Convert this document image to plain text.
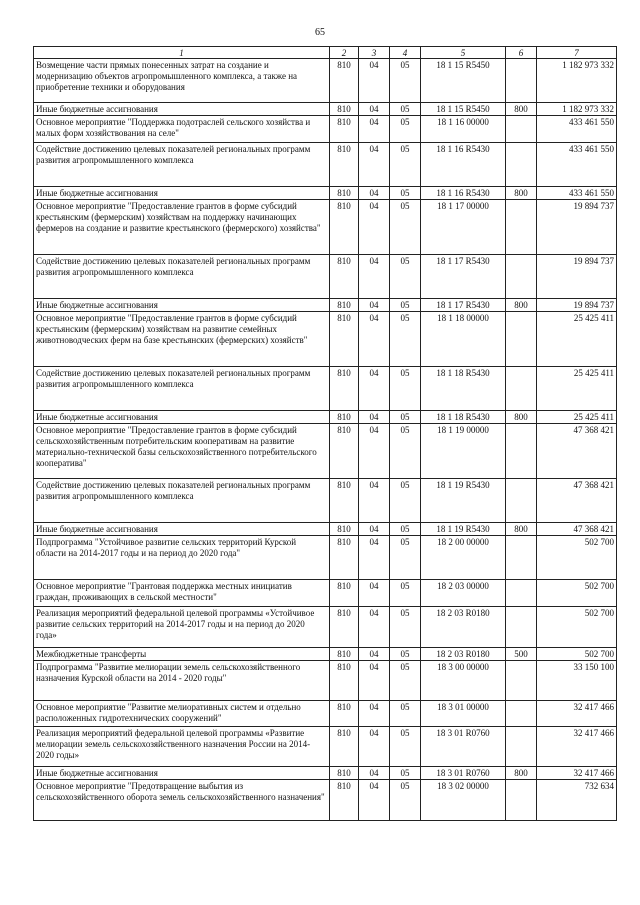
65
1	2	3	4	5	6	7
Возмещение части прямых понесенных затрат на создание и модернизацию объектов агропромышленного комплекса, а также на приобретение техники и оборудования	810	04	05	18 1 15 R5450		1 182 973 332
Иные бюджетные ассигнования	810	04	05	18 1 15 R5450	800	1 182 973 332
Основное мероприятие "Поддержка подотраслей сельского хозяйства и малых форм хозяйствования на селе"	810	04	05	18 1 16 00000		433 461 550
Содействие достижению целевых показателей региональных программ развития агропромышленного комплекса	810	04	05	18 1 16 R5430		433 461 550
Иные бюджетные ассигнования	810	04	05	18 1 16 R5430	800	433 461 550
Основное мероприятие "Предоставление грантов в форме субсидий крестьянским (фермерским) хозяйствам на поддержку начинающих фермеров на создание и развитие крестьянского (фермерского) хозяйства"	810	04	05	18 1 17 00000		19 894 737
Содействие достижению целевых показателей региональных программ развития агропромышленного комплекса	810	04	05	18 1 17 R5430		19 894 737
Иные бюджетные ассигнования	810	04	05	18 1 17 R5430	800	19 894 737
Основное мероприятие "Предоставление грантов в форме субсидий крестьянским (фермерским) хозяйствам на развитие семейных животноводческих ферм на базе крестьянских (фермерских) хозяйств"	810	04	05	18 1 18 00000		25 425 411
Содействие достижению целевых показателей региональных программ развития агропромышленного комплекса	810	04	05	18 1 18 R5430		25 425 411
Иные бюджетные ассигнования	810	04	05	18 1 18 R5430	800	25 425 411
Основное мероприятие "Предоставление грантов в форме субсидий сельскохозяйственным потребительским кооперативам на развитие материально-технической базы сельскохозяйственного потребительского кооператива"	810	04	05	18 1 19 00000		47 368 421
Содействие достижению целевых показателей региональных программ развития агропромышленного комплекса	810	04	05	18 1 19 R5430		47 368 421
Иные бюджетные ассигнования	810	04	05	18 1 19 R5430	800	47 368 421
Подпрограмма "Устойчивое развитие сельских территорий Курской области на 2014-2017 годы и на период до 2020 года"	810	04	05	18 2 00 00000		502 700
Основное мероприятие "Грантовая поддержка местных инициатив граждан, проживающих в сельской местности"	810	04	05	18 2 03 00000		502 700
Реализация мероприятий федеральной целевой программы «Устойчивое развитие сельских территорий на 2014-2017 годы и на период до 2020 года»	810	04	05	18 2 03 R0180		502 700
Межбюджетные трансферты	810	04	05	18 2 03 R0180	500	502 700
Подпрограмма "Развитие мелиорации земель сельскохозяйственного назначения Курской области на 2014 - 2020 годы"	810	04	05	18 3 00 00000		33 150 100
Основное мероприятие "Развитие мелиоративных систем и отдельно расположенных гидротехнических сооружений"	810	04	05	18 3 01 00000		32 417 466
Реализация мероприятий федеральной целевой программы «Развитие мелиорации земель сельскохозяйственного назначения России на 2014-2020 годы»	810	04	05	18 3 01 R0760		32 417 466
Иные бюджетные ассигнования	810	04	05	18 3 01 R0760	800	32 417 466
Основное мероприятие "Предотвращение выбытия из сельскохозяйственного оборота земель сельскохозяйственного назначения"	810	04	05	18 3 02 00000		732 634
